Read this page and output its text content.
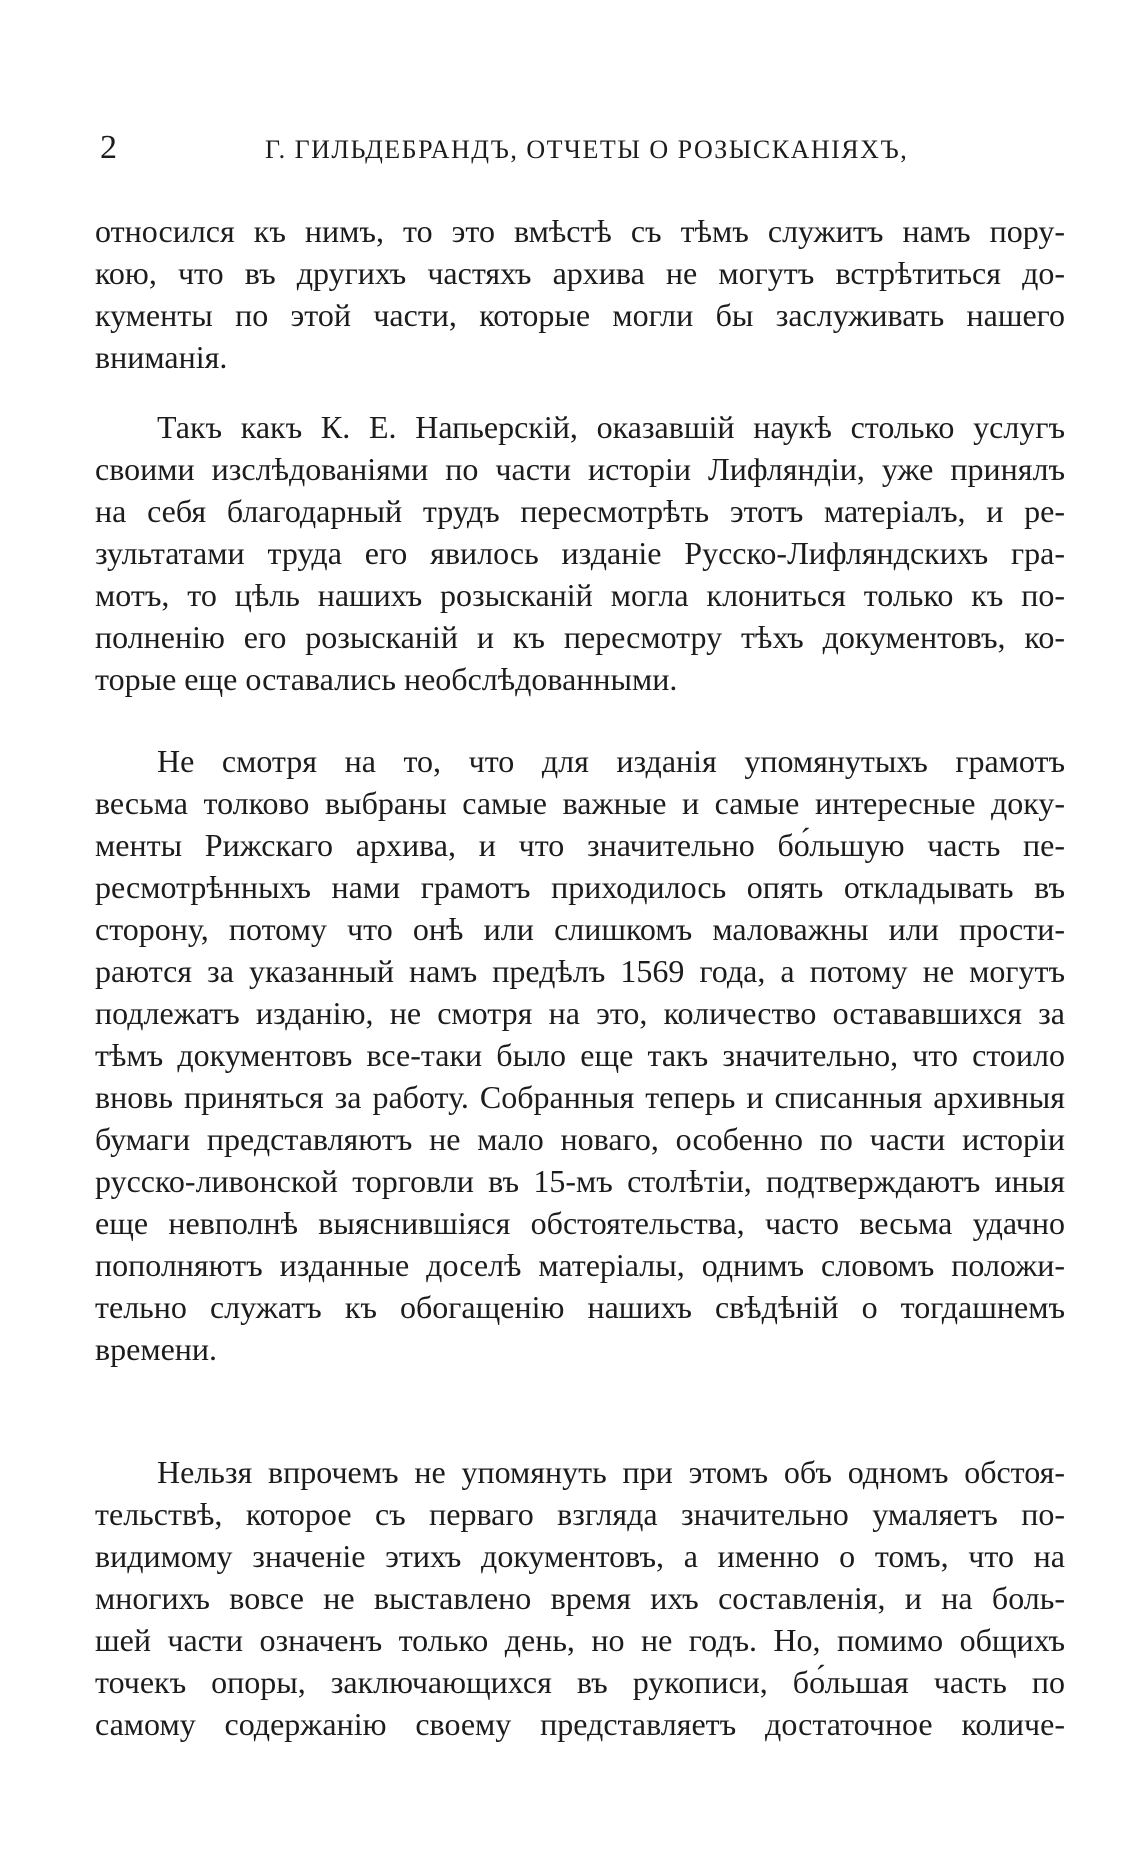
2	Г. ГИЛЬДЕБРАНДЪ, ОТЧЕТЫ О РОЗЫСКАНІЯХЪ,
относился къ нимъ, то это вмѣстѣ съ тѣмъ служитъ намъ пору-
кою, что въ другихъ частяхъ архива не могутъ встрѣтиться до-
кументы по этой части, которые могли бы заслуживать нашего
вниманія.
Такъ какъ К. Е. Напьерскій, оказавшій наукѣ столько услугъ
своими изслѣдованіями по части исторіи Лифляндіи, уже принялъ
на себя благодарный трудъ пересмотрѣть этотъ матеріалъ, и ре-
зультатами труда его явилось изданіе Русско-Лифляндскихъ гра-
мотъ, то цѣль нашихъ розысканій могла клониться только къ по-
полненію его розысканій и къ пересмотру тѣхъ документовъ, ко-
торые еще оставались необслѣдованными.
Не смотря на то, что для изданія упомянутыхъ грамотъ
весьма толково выбраны самые важные и самые интересные доку-
менты Рижскаго архива, и что значительно бо́льшую часть пе-
ресмотрѣнныхъ нами грамотъ приходилось опять откладывать въ
сторону, потому что онѣ или слишкомъ маловажны или прости-
раются за указанный намъ предѣлъ 1569 года, а потому не могутъ
подлежатъ изданію, не смотря на это, количество остававшихся за
тѣмъ документовъ все-таки было еще такъ значительно, что стоило
вновь приняться за работу. Собранныя теперь и списанныя архивныя
бумаги представляютъ не мало новаго, особенно по части исторіи
русско-ливонской торговли въ 15-мъ столѣтіи, подтверждаютъ иныя
еще невполнѣ выяснившіяся обстоятельства, часто весьма удачно
пополняютъ изданные доселѣ матеріалы, однимъ словомъ положи-
тельно служатъ къ обогащенію нашихъ свѣдѣній о тогдашнемъ
времени.
Нельзя впрочемъ не упомянуть при этомъ объ одномъ обстоя-
тельствѣ, которое съ перваго взгляда значительно умаляетъ по-
видимому значеніе этихъ документовъ, а именно о томъ, что на
многихъ вовсе не выставлено время ихъ составленія, и на боль-
шей части означенъ только день, но не годъ. Но, помимо общихъ
точекъ опоры, заключающихся въ рукописи, бо́льшая часть по
самому содержанію своему представляетъ достаточное количе-
